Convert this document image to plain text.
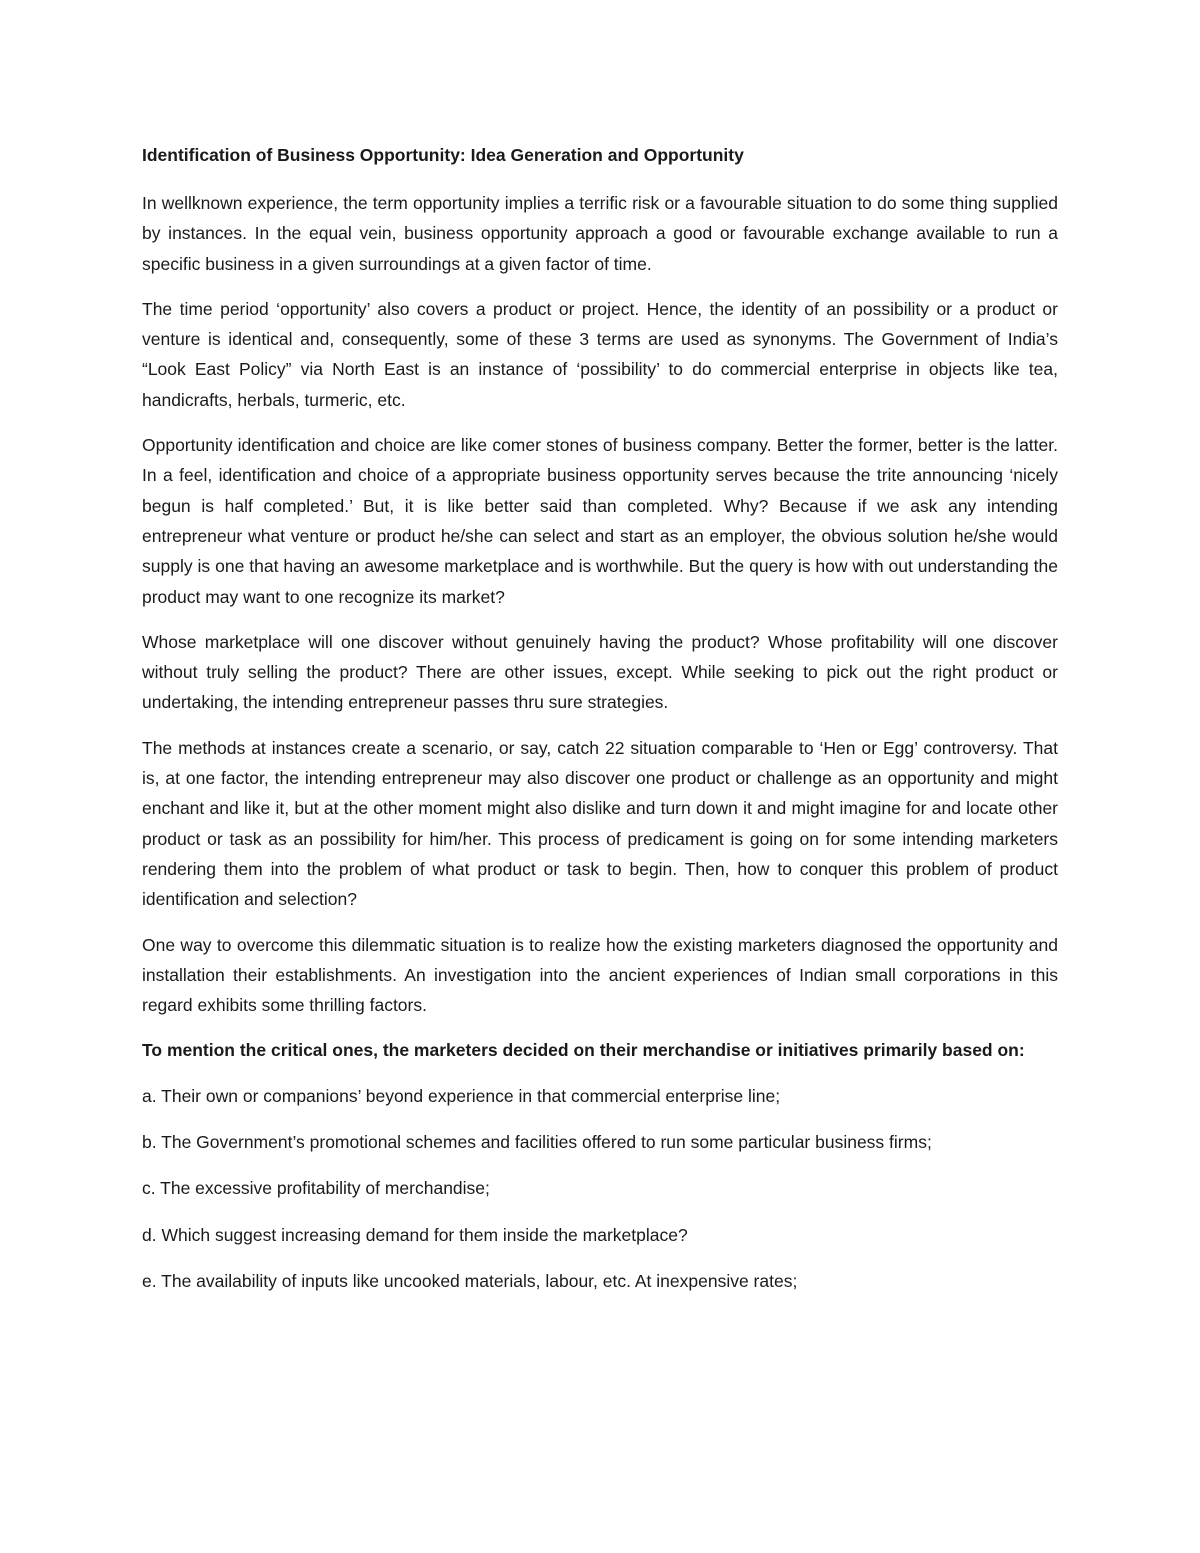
Identification of Business Opportunity: Idea Generation and Opportunity

In wellknown experience, the term opportunity implies a terrific risk or a favourable situation to do some thing supplied by instances. In the equal vein, business opportunity approach a good or favourable exchange available to run a specific business in a given surroundings at a given factor of time.

The time period ‘opportunity’ also covers a product or project. Hence, the identity of an possibility or a product or venture is identical and, consequently, some of these 3 terms are used as synonyms. The Government of India’s “Look East Policy” via North East is an instance of ‘possibility’ to do commercial enterprise in objects like tea, handicrafts, herbals, turmeric, etc.

Opportunity identification and choice are like comer stones of business company. Better the former, better is the latter. In a feel, identification and choice of a appropriate business opportunity serves because the trite announcing ‘nicely begun is half completed.’ But, it is like better said than completed. Why? Because if we ask any intending entrepreneur what venture or product he/she can select and start as an employer, the obvious solution he/she would supply is one that having an awesome marketplace and is worthwhile. But the query is how with out understanding the product may want to one recognize its market?

Whose marketplace will one discover without genuinely having the product? Whose profitability will one discover without truly selling the product? There are other issues, except. While seeking to pick out the right product or undertaking, the intending entrepreneur passes thru sure strategies.

The methods at instances create a scenario, or say, catch 22 situation comparable to ‘Hen or Egg’ controversy. That is, at one factor, the intending entrepreneur may also discover one product or challenge as an opportunity and might enchant and like it, but at the other moment might also dislike and turn down it and might imagine for and locate other product or task as an possibility for him/her. This process of predicament is going on for some intending marketers rendering them into the problem of what product or task to begin. Then, how to conquer this problem of product identification and selection?

One way to overcome this dilemmatic situation is to realize how the existing marketers diagnosed the opportunity and installation their establishments. An investigation into the ancient experiences of Indian small corporations in this regard exhibits some thrilling factors.

To mention the critical ones, the marketers decided on their merchandise or initiatives primarily based on:

a. Their own or companions’ beyond experience in that commercial enterprise line;

b. The Government’s promotional schemes and facilities offered to run some particular business firms;

c. The excessive profitability of merchandise;

d. Which suggest increasing demand for them inside the marketplace?

e. The availability of inputs like uncooked materials, labour, etc. At inexpensive rates;
